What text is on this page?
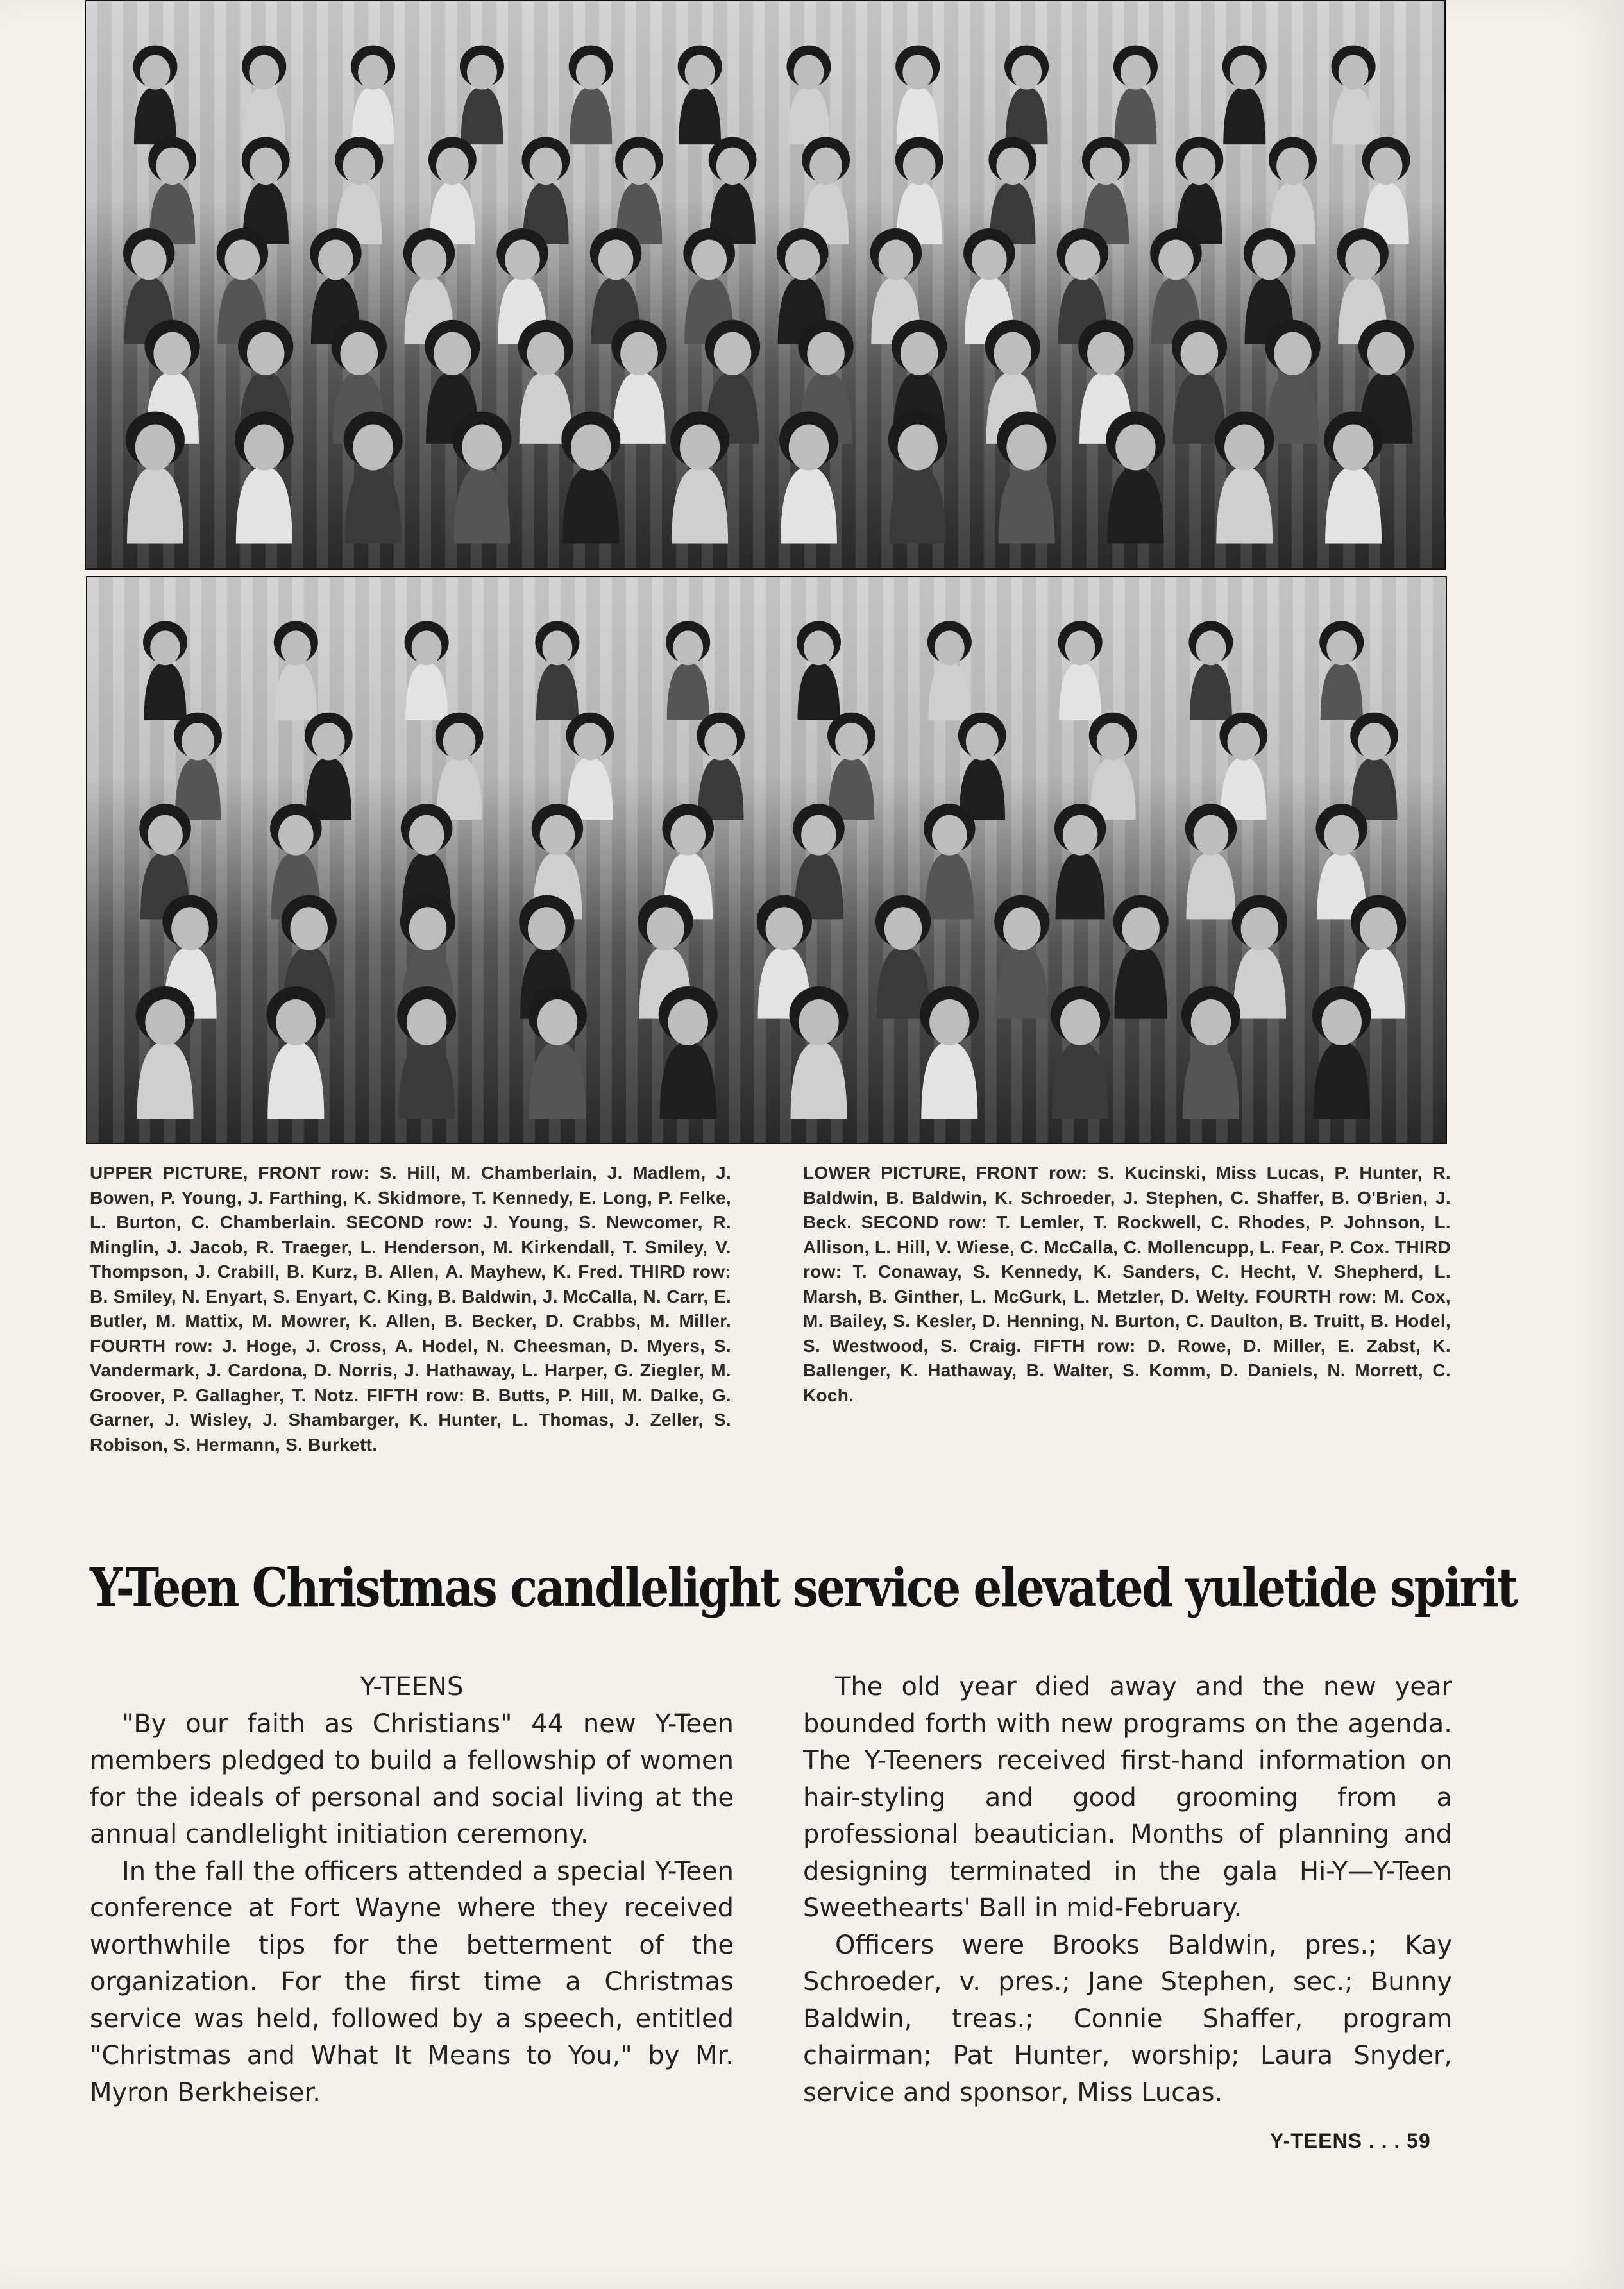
UPPER PICTURE, FRONT row: S. Hill, M. Chamberlain, J. Madlem, J. Bowen, P. Young, J. Farthing, K. Skidmore, T. Kennedy, E. Long, P. Felke, L. Burton, C. Chamberlain. SECOND row: J. Young, S. Newcomer, R. Minglin, J. Jacob, R. Traeger, L. Henderson, M. Kirkendall, T. Smiley, V. Thompson, J. Crabill, B. Kurz, B. Allen, A. Mayhew, K. Fred. THIRD row: B. Smiley, N. Enyart, S. Enyart, C. King, B. Baldwin, J. McCalla, N. Carr, E. Butler, M. Mattix, M. Mowrer, K. Allen, B. Becker, D. Crabbs, M. Miller. FOURTH row: J. Hoge, J. Cross, A. Hodel, N. Cheesman, D. Myers, S. Vandermark, J. Cardona, D. Norris, J. Hathaway, L. Harper, G. Ziegler, M. Groover, P. Gallagher, T. Notz. FIFTH row: B. Butts, P. Hill, M. Dalke, G. Garner, J. Wisley, J. Shambarger, K. Hunter, L. Thomas, J. Zeller, S. Robison, S. Hermann, S. Burkett.
LOWER PICTURE, FRONT row: S. Kucinski, Miss Lucas, P. Hunter, R. Baldwin, B. Baldwin, K. Schroeder, J. Stephen, C. Shaffer, B. O'Brien, J. Beck. SECOND row: T. Lemler, T. Rockwell, C. Rhodes, P. Johnson, L. Allison, L. Hill, V. Wiese, C. McCalla, C. Mollencupp, L. Fear, P. Cox. THIRD row: T. Conaway, S. Kennedy, K. Sanders, C. Hecht, V. Shepherd, L. Marsh, B. Ginther, L. McGurk, L. Metzler, D. Welty. FOURTH row: M. Cox, M. Bailey, S. Kesler, D. Henning, N. Burton, C. Daulton, B. Truitt, B. Hodel, S. Westwood, S. Craig. FIFTH row: D. Rowe, D. Miller, E. Zabst, K. Ballenger, K. Hathaway, B. Walter, S. Komm, D. Daniels, N. Morrett, C. Koch.
Y-Teen Christmas candlelight service elevated yuletide spirit

Y-TEENS

"By our faith as Christians" 44 new Y-Teen members pledged to build a fellowship of women for the ideals of personal and social living at the annual candlelight initiation ceremony.

In the fall the officers attended a special Y-Teen conference at Fort Wayne where they received worthwhile tips for the betterment of the organization. For the first time a Christmas service was held, followed by a speech, entitled "Christmas and What It Means to You," by Mr. Myron Berkheiser.

The old year died away and the new year bounded forth with new programs on the agenda. The Y-Teeners received first-hand information on hair-styling and good grooming from a professional beautician. Months of planning and designing terminated in the gala Hi-Y—Y-Teen Sweethearts' Ball in mid-February.

Officers were Brooks Baldwin, pres.; Kay Schroeder, v. pres.; Jane Stephen, sec.; Bunny Baldwin, treas.; Connie Shaffer, program chairman; Pat Hunter, worship; Laura Snyder, service and sponsor, Miss Lucas.

Y-TEENS . . . 59
